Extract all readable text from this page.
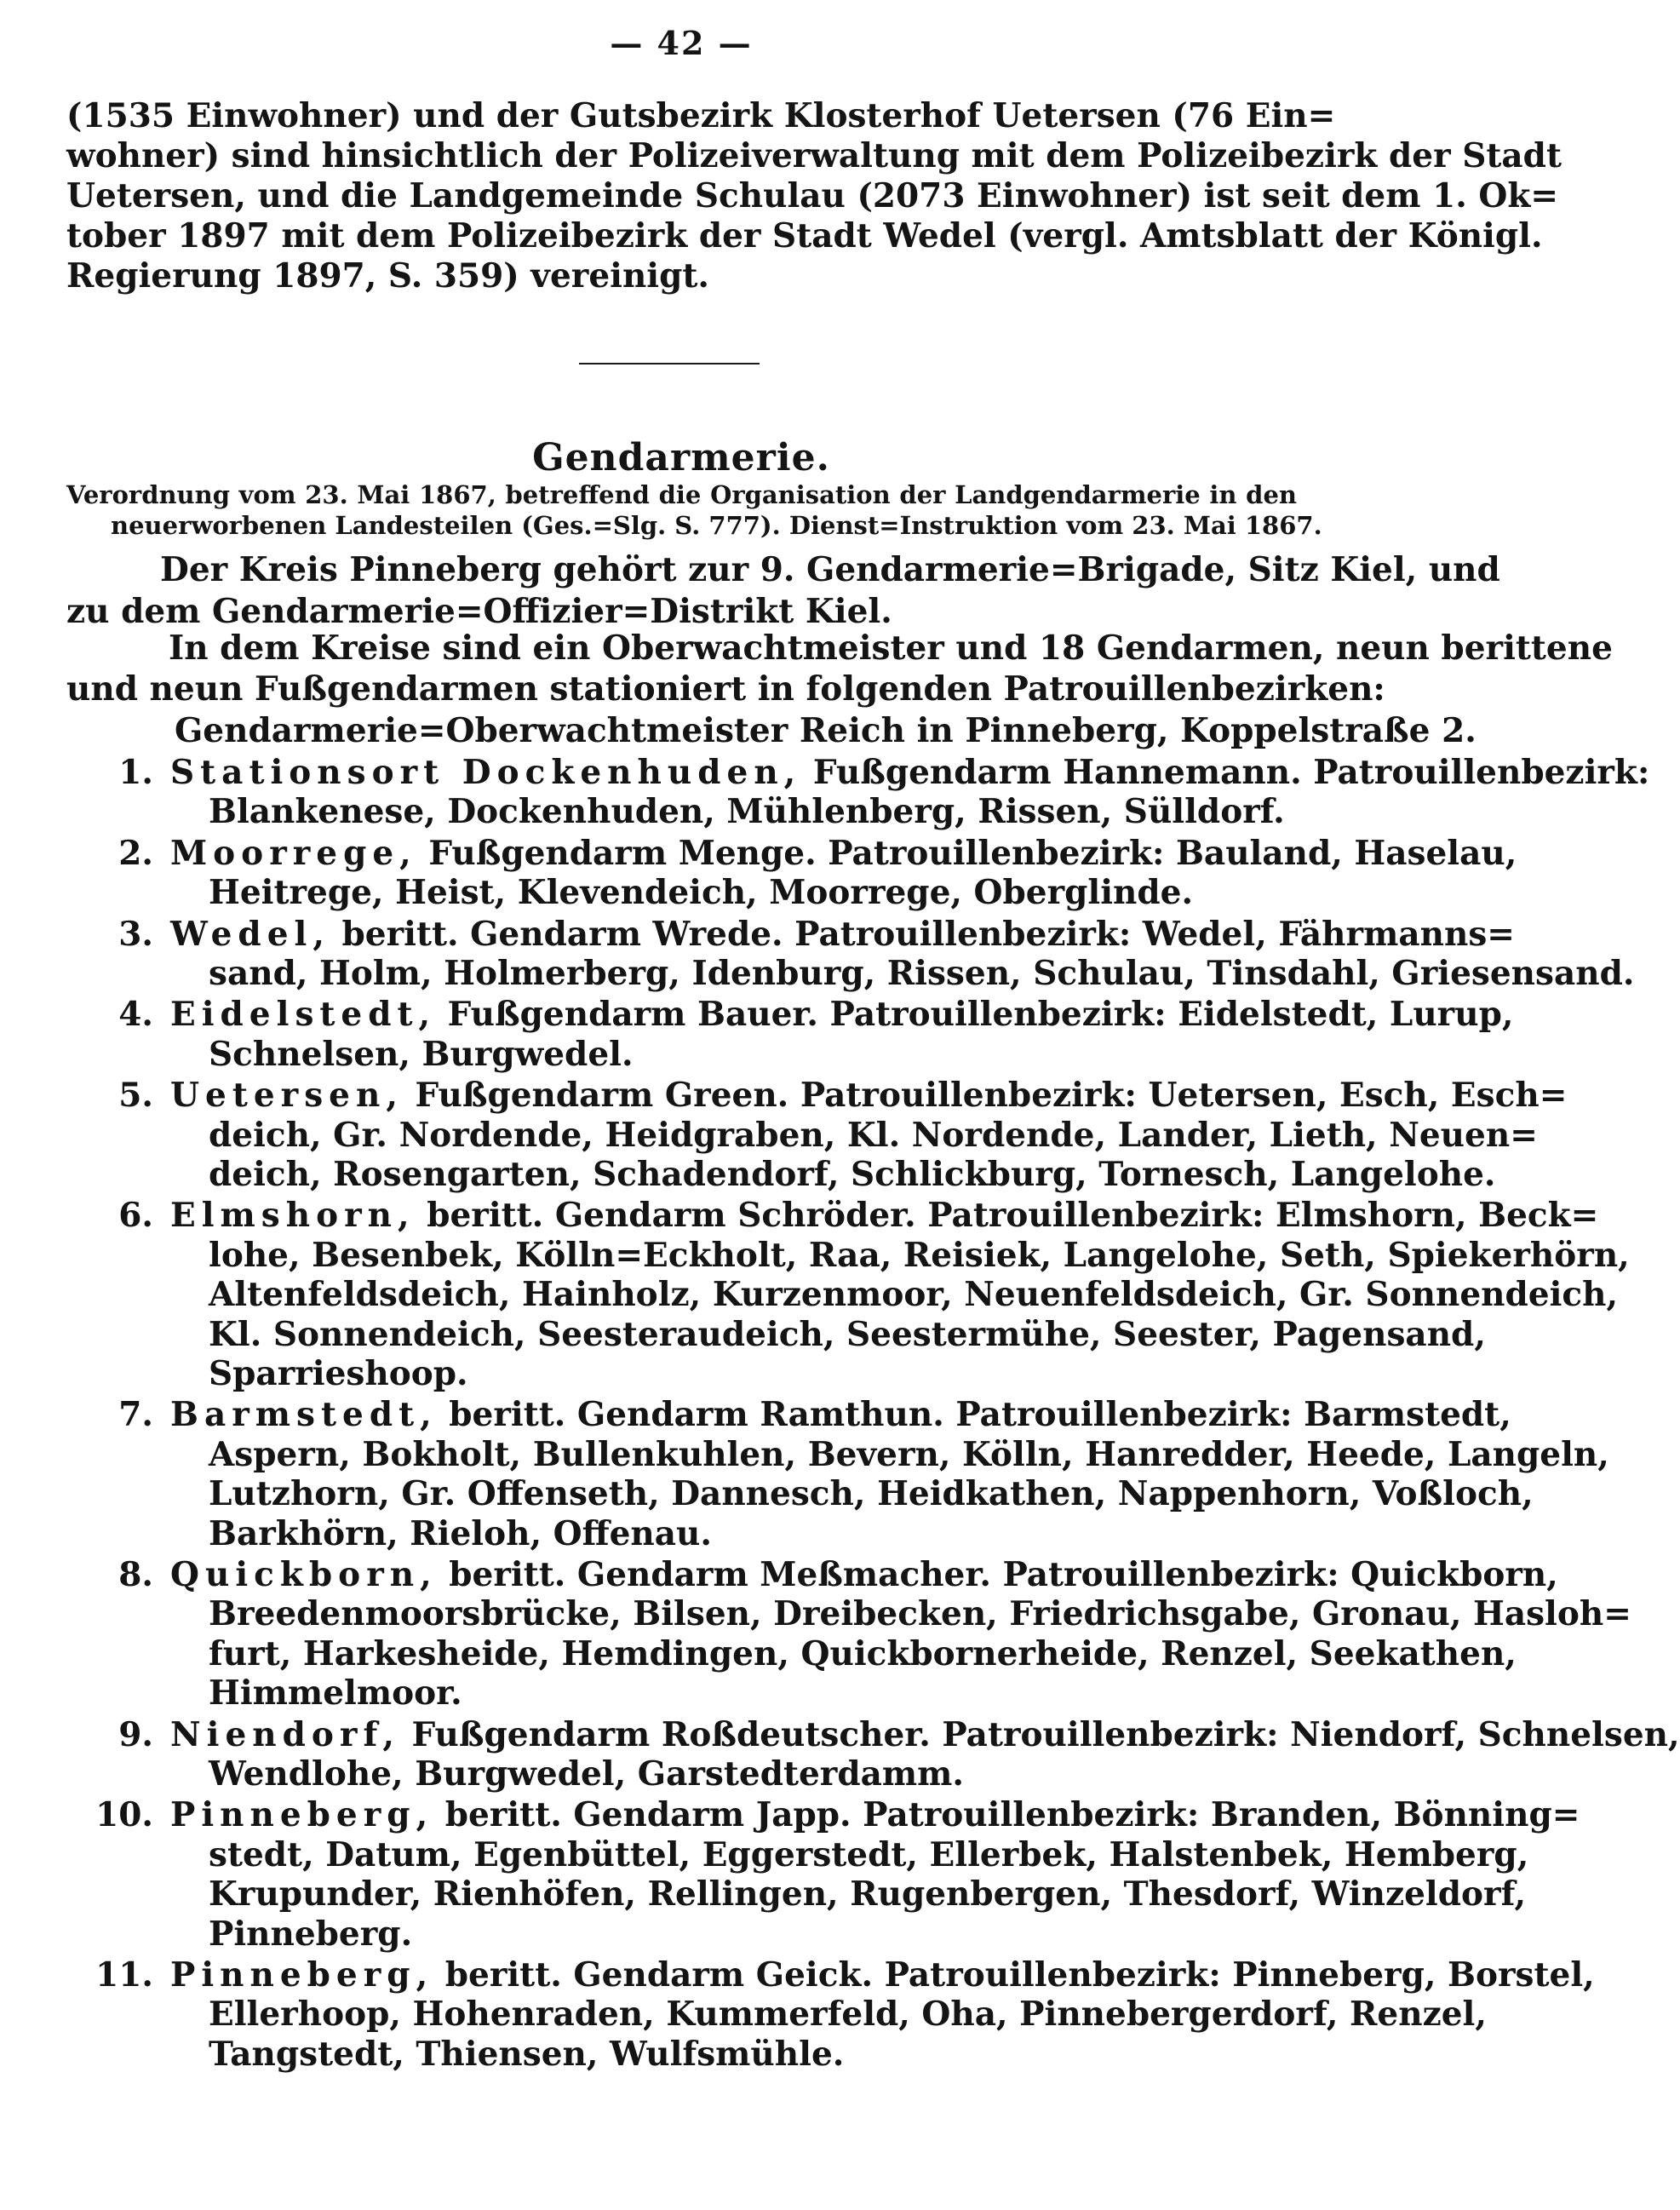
— 42 —
(1535 Einwohner) und der Gutsbezirk Klosterhof Uetersen (76 Ein=
wohner) sind hinsichtlich der Polizeiverwaltung mit dem Polizeibezirk der Stadt
Uetersen, und die Landgemeinde Schulau (2073 Einwohner) ist seit dem 1. Ok=
tober 1897 mit dem Polizeibezirk der Stadt Wedel (vergl. Amtsblatt der Königl.
Regierung 1897, S. 359) vereinigt.
Gendarmerie.
Verordnung vom 23. Mai 1867, betreffend die Organisation der Landgendarmerie in den
neuerworbenen Landesteilen (Ges.=Slg. S. 777). Dienst=Instruktion vom 23. Mai 1867.
Der Kreis Pinneberg gehört zur 9. Gendarmerie=Brigade, Sitz Kiel, und
zu dem Gendarmerie=Offizier=Distrikt Kiel.
In dem Kreise sind ein Oberwachtmeister und 18 Gendarmen, neun berittene
und neun Fußgendarmen stationiert in folgenden Patrouillenbezirken:
Gendarmerie=Oberwachtmeister Reich in Pinneberg, Koppelstraße 2.
1. Stationsort Dockenhuden, Fußgendarm Hannemann. Patrouillenbezirk:
Blankenese, Dockenhuden, Mühlenberg, Rissen, Sülldorf.
2. Moorrege, Fußgendarm Menge. Patrouillenbezirk: Bauland, Haselau,
Heitrege, Heist, Klevendeich, Moorrege, Oberglinde.
3. Wedel, beritt. Gendarm Wrede. Patrouillenbezirk: Wedel, Fährmanns=
sand, Holm, Holmerberg, Idenburg, Rissen, Schulau, Tinsdahl, Griesensand.
4. Eidelstedt, Fußgendarm Bauer. Patrouillenbezirk: Eidelstedt, Lurup,
Schnelsen, Burgwedel.
5. Uetersen, Fußgendarm Green. Patrouillenbezirk: Uetersen, Esch, Esch=
deich, Gr. Nordende, Heidgraben, Kl. Nordende, Lander, Lieth, Neuen=
deich, Rosengarten, Schadendorf, Schlickburg, Tornesch, Langelohe.
6. Elmshorn, beritt. Gendarm Schröder. Patrouillenbezirk: Elmshorn, Beck=
lohe, Besenbek, Kölln=Eckholt, Raa, Reisiek, Langelohe, Seth, Spiekerhörn,
Altenfeldsdeich, Hainholz, Kurzenmoor, Neuenfeldsdeich, Gr. Sonnendeich,
Kl. Sonnendeich, Seesteraudeich, Seestermühe, Seester, Pagensand,
Sparrieshoop.
7. Barmstedt, beritt. Gendarm Ramthun. Patrouillenbezirk: Barmstedt,
Aspern, Bokholt, Bullenkuhlen, Bevern, Kölln, Hanredder, Heede, Langeln,
Lutzhorn, Gr. Offenseth, Dannesch, Heidkathen, Nappenhorn, Voßloch,
Barkhörn, Rieloh, Offenau.
8. Quickborn, beritt. Gendarm Meßmacher. Patrouillenbezirk: Quickborn,
Breedenmoorsbrücke, Bilsen, Dreibecken, Friedrichsgabe, Gronau, Hasloh=
furt, Harkesheide, Hemdingen, Quickbornerheide, Renzel, Seekathen,
Himmelmoor.
9. Niendorf, Fußgendarm Roßdeutscher. Patrouillenbezirk: Niendorf, Schnelsen,
Wendlohe, Burgwedel, Garstedterdamm.
10. Pinneberg, beritt. Gendarm Japp. Patrouillenbezirk: Branden, Bönning=
stedt, Datum, Egenbüttel, Eggerstedt, Ellerbek, Halstenbek, Hemberg,
Krupunder, Rienhöfen, Rellingen, Rugenbergen, Thesdorf, Winzeldorf,
Pinneberg.
11. Pinneberg, beritt. Gendarm Geick. Patrouillenbezirk: Pinneberg, Borstel,
Ellerhoop, Hohenraden, Kummerfeld, Oha, Pinnebergerdorf, Renzel,
Tangstedt, Thiensen, Wulfsmühle.
